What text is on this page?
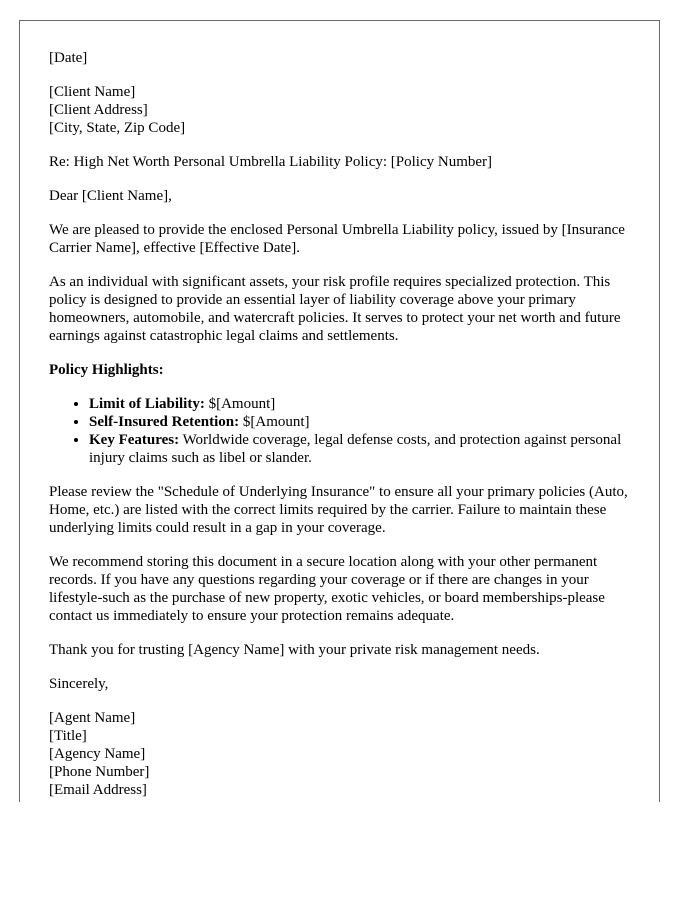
[Date]

[Client Name]
[Client Address]
[City, State, Zip Code]

Re: High Net Worth Personal Umbrella Liability Policy: [Policy Number]

Dear [Client Name],

We are pleased to provide the enclosed Personal Umbrella Liability policy, issued by [Insurance Carrier Name], effective [Effective Date].

As an individual with significant assets, your risk profile requires specialized protection. This policy is designed to provide an essential layer of liability coverage above your primary homeowners, automobile, and watercraft policies. It serves to protect your net worth and future earnings against catastrophic legal claims and settlements.

Policy Highlights:

• Limit of Liability: $[Amount]
• Self-Insured Retention: $[Amount]
• Key Features: Worldwide coverage, legal defense costs, and protection against personal injury claims such as libel or slander.

Please review the "Schedule of Underlying Insurance" to ensure all your primary policies (Auto, Home, etc.) are listed with the correct limits required by the carrier. Failure to maintain these underlying limits could result in a gap in your coverage.

We recommend storing this document in a secure location along with your other permanent records. If you have any questions regarding your coverage or if there are changes in your lifestyle-such as the purchase of new property, exotic vehicles, or board memberships-please contact us immediately to ensure your protection remains adequate.

Thank you for trusting [Agency Name] with your private risk management needs.

Sincerely,

[Agent Name]
[Title]
[Agency Name]
[Phone Number]
[Email Address]
